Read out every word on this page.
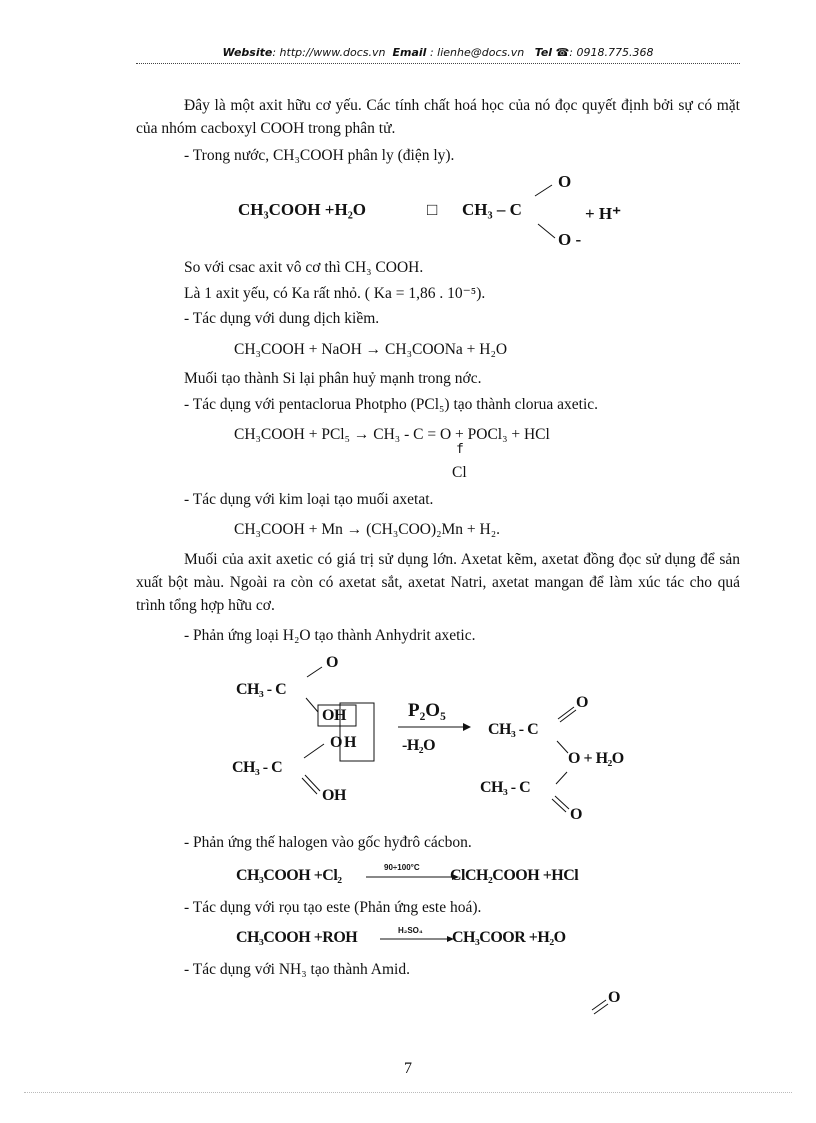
Website: http://www.docs.vn Email : lienhe@docs.vn Tel ☎: 0918.775.368
Đây là một axit hữu cơ yếu. Các tính chất hoá học của nó đọc quyết định bởi sự có mặt của nhóm cacboxyl COOH trong phân tử.
- Trong nước, CH₃COOH phân ly (điện ly).
CH₃COOH +H₂O	□ CH₃ – C
O
O -
+ H⁺
So với csac axit vô cơ thì CH₃ COOH.
Là 1 axit yếu, có Ka rất nhỏ. ( Ka = 1,86 . 10⁻⁵).
- Tác dụng với dung dịch kiềm.
CH₃COOH + NaOH → CH₃COONa + H₂O
Muối tạo thành Si lại phân huỷ mạnh trong nớc.
- Tác dụng với pentaclorua Photpho (PCl₅) tạo thành clorua axetic.
CH₃COOH + PCl₅ → CH₃ - C = O + POCl₃ + HCl
f
Cl
- Tác dụng với kim loại tạo muối axetat.
CH₃COOH + Mn → (CH₃COO)₂Mn + H₂.
Muối của axit axetic có giá trị sử dụng lớn. Axetat kẽm, axetat đồng đọc sử dụng để sản xuất bột màu. Ngoài ra còn có axetat sắt, axetat Natri, axetat mangan để làm xúc tác cho quá trình tổng hợp hữu cơ.
- Phản ứng loại H₂O tạo thành Anhydrit axetic.
O
CH₃ - C
OH
O H
CH₃ - C
OH
P₂O₅
-H₂O
O
CH₃ - C
O + H₂O
CH₃ - C
O
- Phản ứng thế halogen vào gốc hyđrô cácbon.
CH₃COOH +Cl₂	90÷100°C ClCH₂COOH +HCl
- Tác dụng với rọu tạo este (Phản ứng este hoá).
CH₃COOH +ROH	H₂SO₄ CH₃COOR +H₂O
- Tác dụng với NH₃ tạo thành Amid.
O
7
